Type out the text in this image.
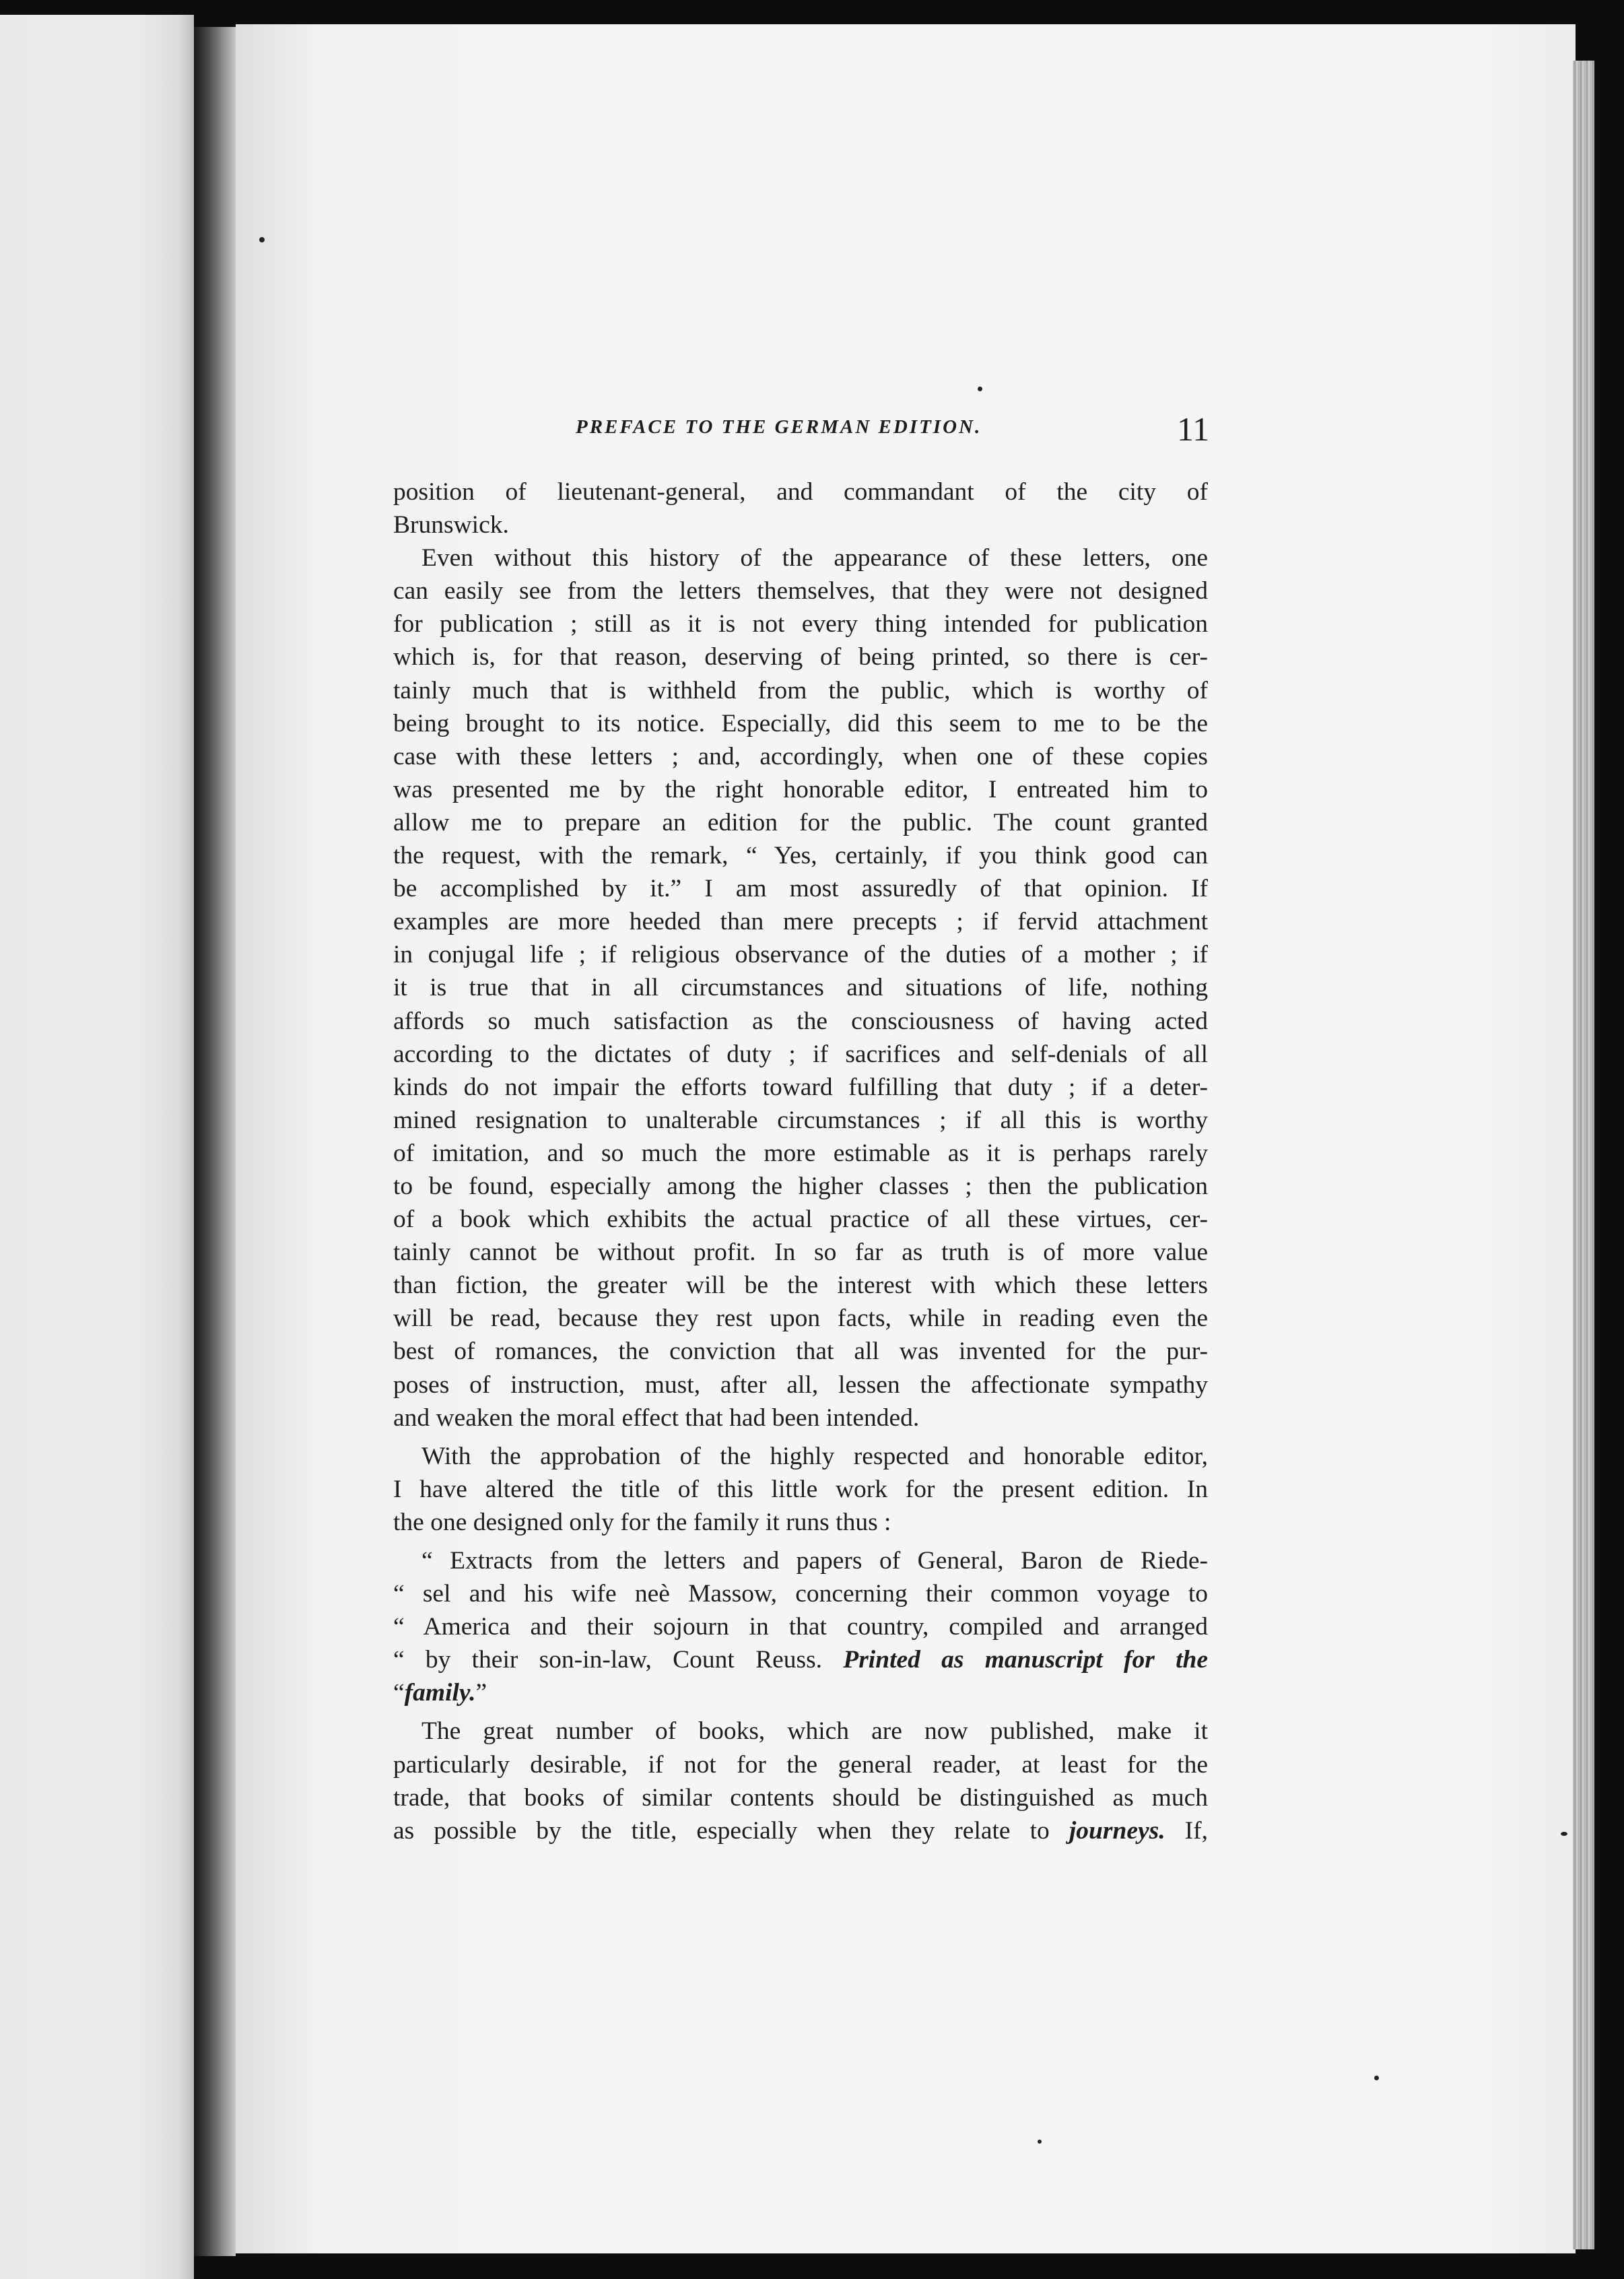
PREFACE TO THE GERMAN EDITION.	11
position of lieutenant-general, and commandant of the city of
Brunswick.
Even without this history of the appearance of these letters, one
can easily see from the letters themselves, that they were not designed
for publication ; still as it is not every thing intended for publication
which is, for that reason, deserving of being printed, so there is cer-
tainly much that is withheld from the public, which is worthy of
being brought to its notice. Especially, did this seem to me to be the
case with these letters ; and, accordingly, when one of these copies
was presented me by the right honorable editor, I entreated him to
allow me to prepare an edition for the public. The count granted
the request, with the remark, “ Yes, certainly, if you think good can
be accomplished by it.” I am most assuredly of that opinion. If
examples are more heeded than mere precepts ; if fervid attachment
in conjugal life ; if religious observance of the duties of a mother ; if
it is true that in all circumstances and situations of life, nothing
affords so much satisfaction as the consciousness of having acted
according to the dictates of duty ; if sacrifices and self-denials of all
kinds do not impair the efforts toward fulfilling that duty ; if a deter-
mined resignation to unalterable circumstances ; if all this is worthy
of imitation, and so much the more estimable as it is perhaps rarely
to be found, especially among the higher classes ; then the publication
of a book which exhibits the actual practice of all these virtues, cer-
tainly cannot be without profit. In so far as truth is of more value
than fiction, the greater will be the interest with which these letters
will be read, because they rest upon facts, while in reading even the
best of romances, the conviction that all was invented for the pur-
poses of instruction, must, after all, lessen the affectionate sympathy
and weaken the moral effect that had been intended.
With the approbation of the highly respected and honorable editor,
I have altered the title of this little work for the present edition. In
the one designed only for the family it runs thus :
“ Extracts from the letters and papers of General, Baron de Riede-
“ sel and his wife neè Massow, concerning their common voyage to
“ America and their sojourn in that country, compiled and arranged
“ by their son-in-law, Count Reuss. Printed as manuscript for the
“family.”
The great number of books, which are now published, make it
particularly desirable, if not for the general reader, at least for the
trade, that books of similar contents should be distinguished as much
as possible by the title, especially when they relate to journeys. If,
